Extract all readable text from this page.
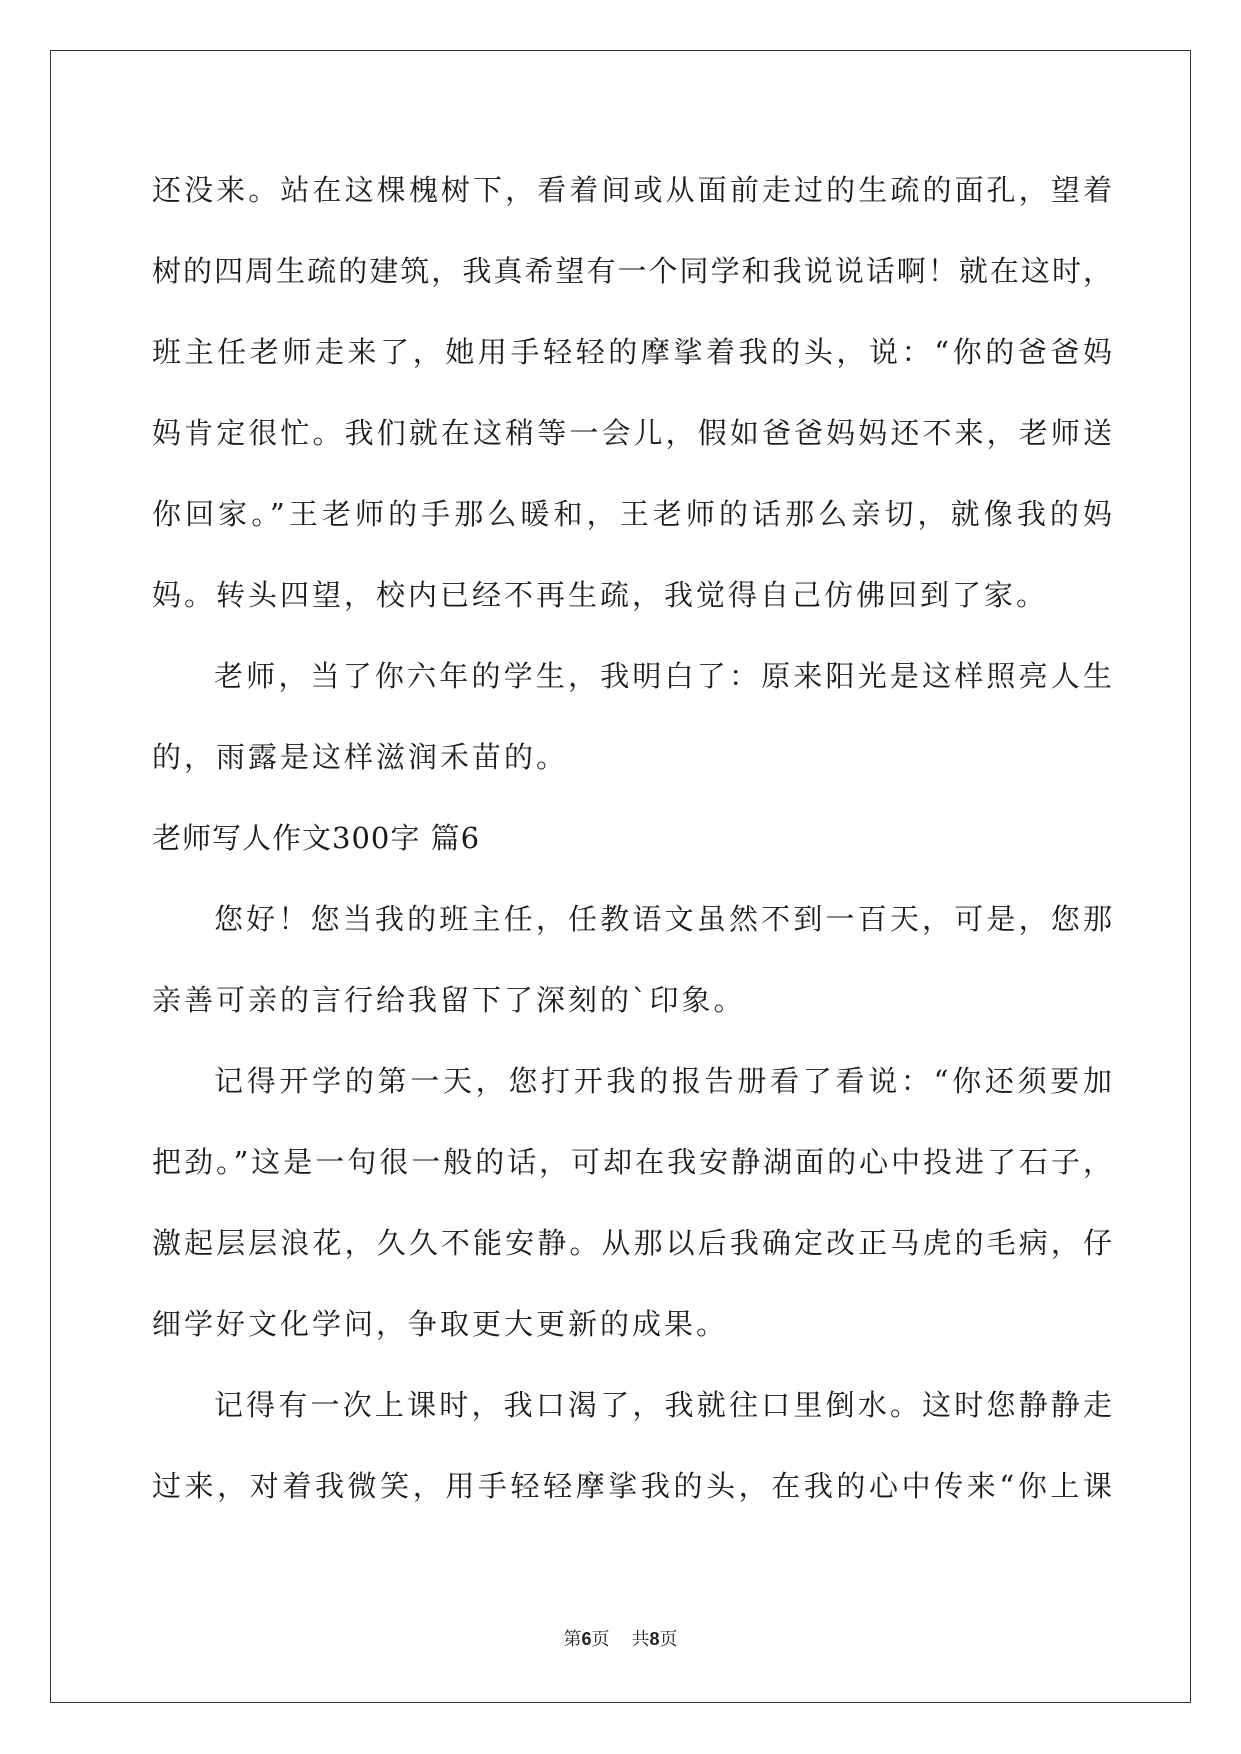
还没来。站在这棵槐树下，看着间或从面前走过的生疏的面孔，望着

树的四周生疏的建筑，我真希望有一个同学和我说说话啊！就在这时，

班主任老师走来了，她用手轻轻的摩挲着我的头，说：“你的爸爸妈

妈肯定很忙。我们就在这稍等一会儿，假如爸爸妈妈还不来，老师送

你回家。”王老师的手那么暖和，王老师的话那么亲切，就像我的妈

妈。转头四望，校内已经不再生疏，我觉得自己仿佛回到了家。

老师，当了你六年的学生，我明白了：原来阳光是这样照亮人生

的，雨露是这样滋润禾苗的。

老师写人作文300字 篇6

您好！您当我的班主任，任教语文虽然不到一百天，可是，您那

亲善可亲的言行给我留下了深刻的`印象。

记得开学的第一天，您打开我的报告册看了看说：“你还须要加

把劲。”这是一句很一般的话，可却在我安静湖面的心中投进了石子，

激起层层浪花，久久不能安静。从那以后我确定改正马虎的毛病，仔

细学好文化学问，争取更大更新的成果。

记得有一次上课时，我口渴了，我就往口里倒水。这时您静静走

过来，对着我微笑，用手轻轻摩挲我的头，在我的心中传来“你上课

第6页 共8页
